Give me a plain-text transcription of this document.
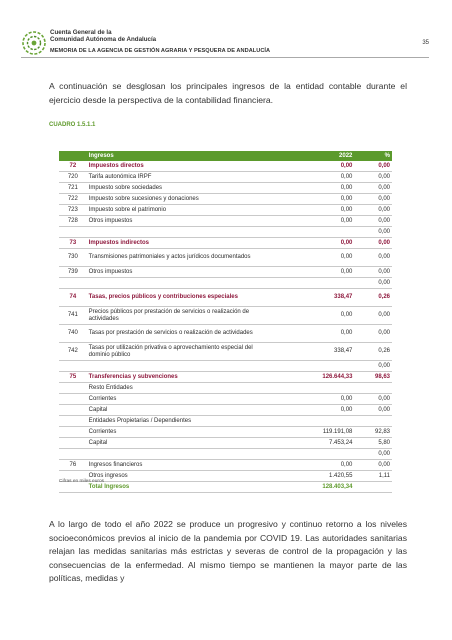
Cuenta General de la
Comunidad Autónoma de Andalucía
MEMORIA DE LA AGENCIA DE GESTIÓN AGRARIA Y PESQUERA DE ANDALUCÍA
35
A continuación se desglosan los principales ingresos de la entidad contable durante el ejercicio desde la perspectiva de la contabilidad financiera.
CUADRO 1.5.1.1
	Ingresos	2022	%
72	Impuestos directos	0,00	0,00
720	Tarifa autonómica IRPF	0,00	0,00
721	Impuesto sobre sociedades	0,00	0,00
722	Impuesto sobre sucesiones y donaciones	0,00	0,00
723	Impuesto sobre el patrimonio	0,00	0,00
728	Otros impuestos	0,00	0,00
			0,00
73	Impuestos indirectos	0,00	0,00
730	Transmisiones patrimoniales y actos jurídicos documentados	0,00	0,00
739	Otros impuestos	0,00	0,00
			0,00
74	Tasas, precios públicos y contribuciones especiales	338,47	0,26
741	Precios públicos por prestación de servicios o realización de actividades	0,00	0,00
740	Tasas por prestación de servicios o realización de actividades	0,00	0,00
742	Tasas por utilización privativa o aprovechamiento especial del dominio público	338,47	0,26
			0,00
75	Transferencias y subvenciones	126.644,33	98,63
	Resto Entidades		
	Corrientes	0,00	0,00
	Capital	0,00	0,00
	Entidades Propietarias / Dependientes		
	Corrientes	119.191,08	92,83
	Capital	7.453,24	5,80
			0,00
76	Ingresos financieros	0,00	0,00
	Otros ingresos	1.420,55	1,11
	Total Ingresos	128.403,34	
Cifras en miles euros
A lo largo de todo el año 2022 se produce un progresivo y continuo retorno a los niveles socioeconómicos previos al inicio de la pandemia por COVID 19. Las autoridades sanitarias relajan las medidas sanitarias más estrictas y severas de control de la propagación y las consecuencias de la enfermedad. Al mismo tiempo se mantienen la mayor parte de las políticas, medidas y
